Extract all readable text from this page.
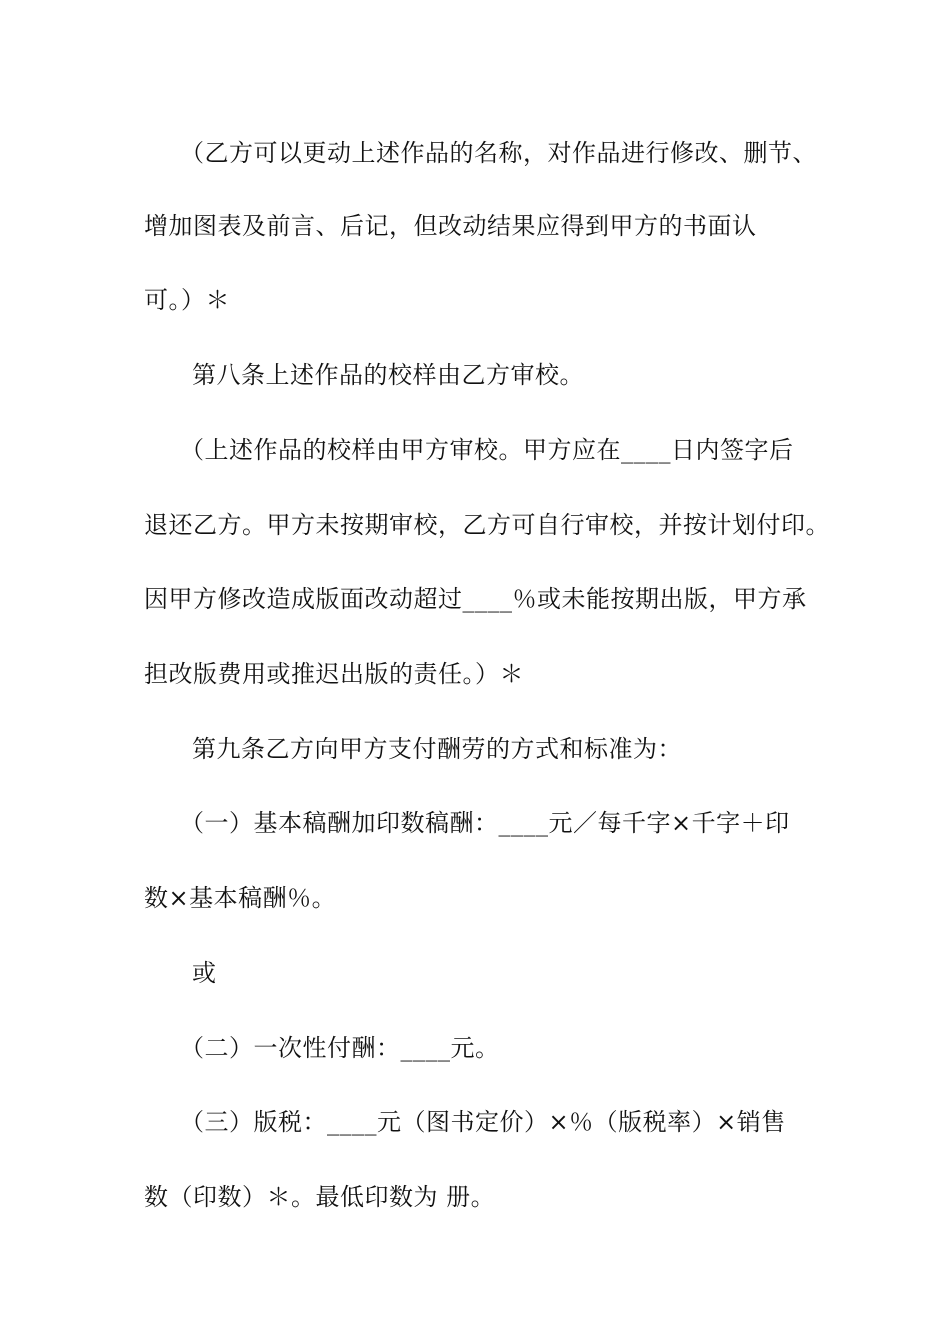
（乙方可以更动上述作品的名称，对作品进行修改、删节、
增加图表及前言、后记，但改动结果应得到甲方的书面认
可。）＊
第八条上述作品的校样由乙方审校。
（上述作品的校样由甲方审校。甲方应在____日内签字后
退还乙方。甲方未按期审校，乙方可自行审校，并按计划付印。
因甲方修改造成版面改动超过____％或未能按期出版，甲方承
担改版费用或推迟出版的责任。）＊
第九条乙方向甲方支付酬劳的方式和标准为：
（一）基本稿酬加印数稿酬：____元／每千字×千字＋印
数×基本稿酬％。
或
（二）一次性付酬：____元。
（三）版税：____元（图书定价）×％（版税率）×销售
数（印数）＊。最低印数为 册。
